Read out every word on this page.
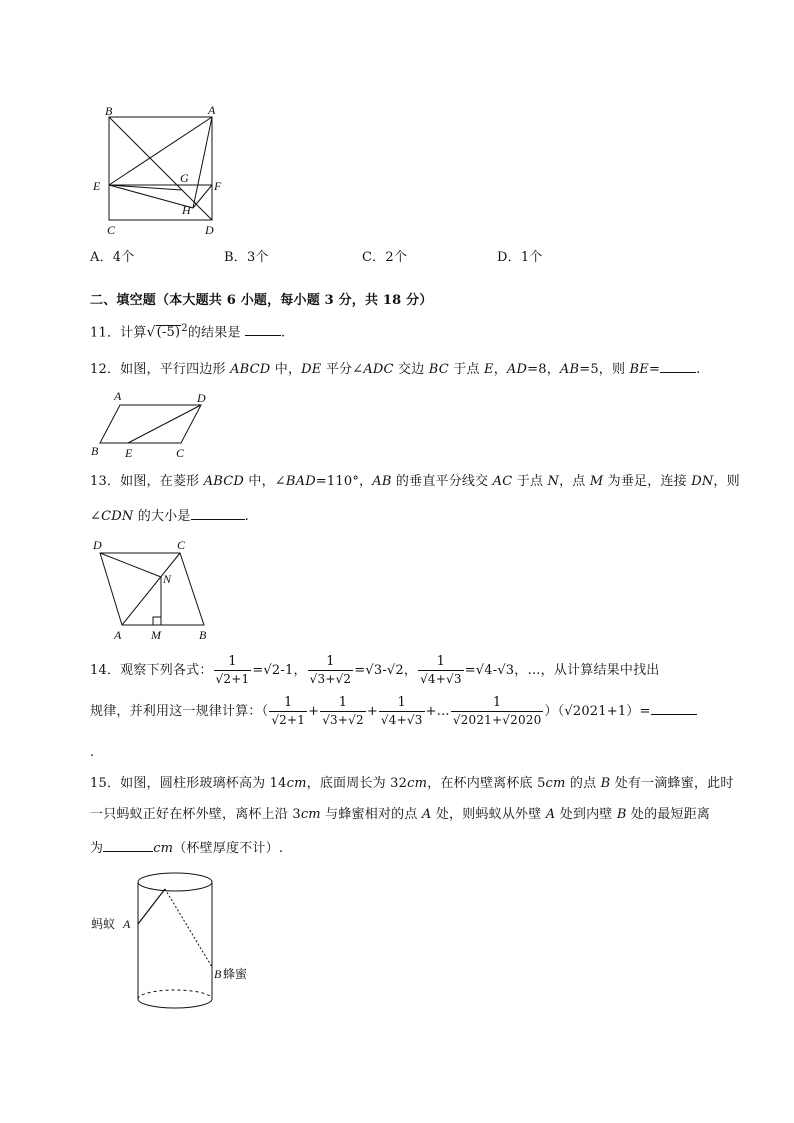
B	A
E
G
F
H
C	D
A．4个	B．3个	C．2个	D．1个
二、填空题（本大题共 6 小题，每小题 3 分，共 18 分）
11．计算$√(-5)^2$的结果是	.
12．如图，平行四边形 ABCD 中，DE 平分∠ADC 交边 BC 于点 E，AD=8，AB=5，则 BE=	.
A	D
B E	C
13．如图，在菱形 ABCD 中，∠BAD=110°，AB 的垂直平分线交 AC 于点 N，点 M 为垂足，连接 DN，则
∠CDN 的大小是	.
D	C
N
A M	B
14．观察下列各式： $\frac{1}{√2+1} =√2-1$， $\frac{1}{√3+√2} =√3-√2$， $\frac{1}{√4+√3} =√4-√3$，…，从计算结果中找出
规律，并利用这一规律计算：（ $\frac{1}{√2+1} + \frac{1}{√3+√2} + \frac{1}{√4+√3}$ +… $\frac{1}{√2021+√2020} )(√2021+1)=$
.
15．如图，圆柱形玻璃杯高为 14cm，底面周长为 32cm，在杯内壁离杯底 5cm 的点 B 处有一滴蜂蜜，此时
一只蚂蚁正好在杯外壁，离杯上沿 3cm 与蜂蜜相对的点 A 处，则蚂蚁从外壁 A 处到内壁 B 处的最短距离
为	cm（杯壁厚度不计）.
蚂蚁 A
B 蜂蜜
